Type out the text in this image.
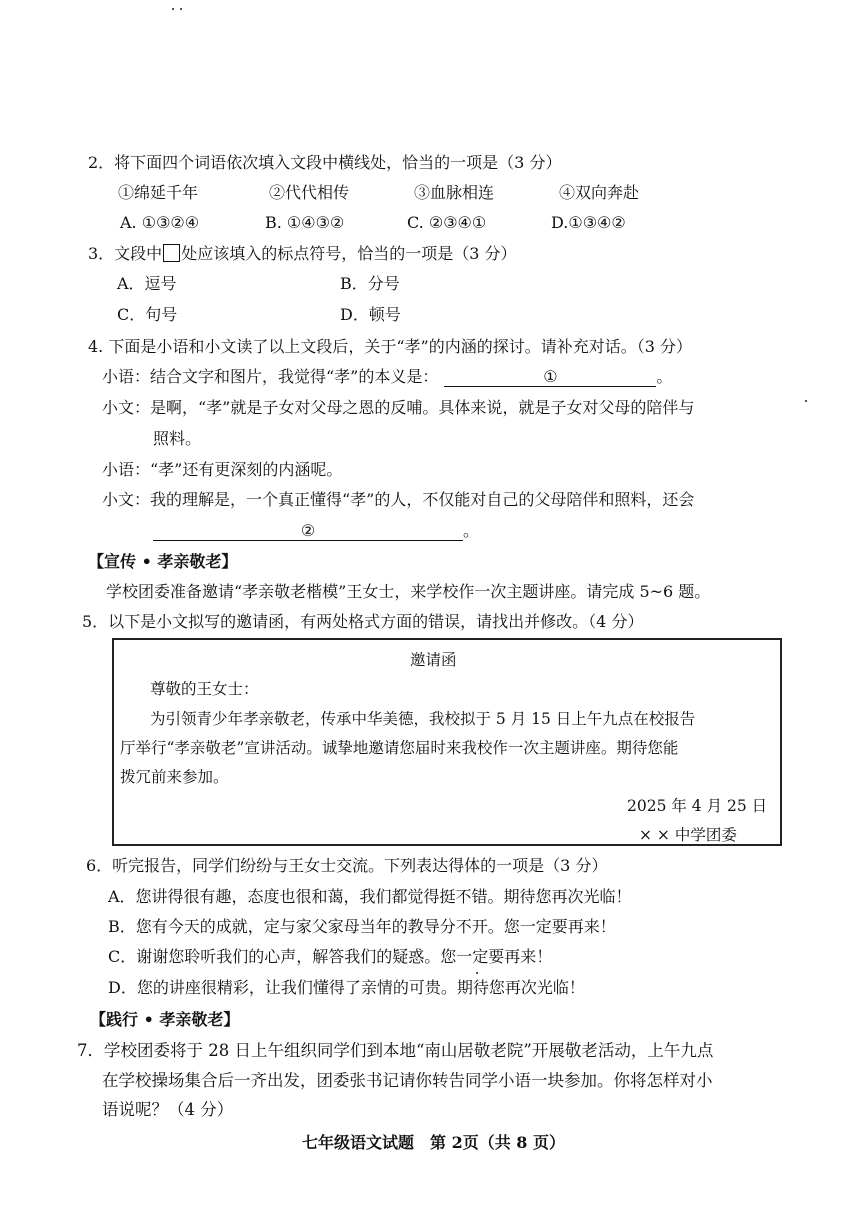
2．将下面四个词语依次填入文段中横线处，恰当的一项是（3 分）
①绵延千年	②代代相传	③血脉相连	④双向奔赴
A. ①③②④	B. ①④③②	C. ②③④①	D.①③④②
3．文段中 处应该填入的标点符号，恰当的一项是（3 分）
A．逗号	B．分号
C．句号	D．顿号
4. 下面是小语和小文读了以上文段后，关于“孝”的内涵的探讨。请补充对话。（3 分）
小语：结合文字和图片，我觉得“孝”的本义是：	①	。
小文：是啊，“孝”就是子女对父母之恩的反哺。具体来说，就是子女对父母的陪伴与
照料。
小语：“孝”还有更深刻的内涵呢。
小文：我的理解是，一个真正懂得“孝”的人，不仅能对自己的父母陪伴和照料，还会
②	。
【宣传 • 孝亲敬老】
学校团委准备邀请“孝亲敬老楷模”王女士，来学校作一次主题讲座。请完成 5~6 题。
5．以下是小文拟写的邀请函，有两处格式方面的错误，请找出并修改。（4 分）
邀请函
尊敬的王女士：
为引领青少年孝亲敬老，传承中华美德，我校拟于 5 月 15 日上午九点在校报告
厅举行“孝亲敬老”宣讲活动。诚挚地邀请您届时来我校作一次主题讲座。期待您能
拨冗前来参加。
2025 年 4 月 25 日
× × 中学团委
6．听完报告，同学们纷纷与王女士交流。下列表达得体的一项是（3 分）
A．您讲得很有趣，态度也很和蔼，我们都觉得挺不错。期待您再次光临！
B．您有今天的成就，定与家父家母当年的教导分不开。您一定要再来！
C．谢谢您聆听我们的心声，解答我们的疑惑。您一定要再来！
D．您的讲座很精彩，让我们懂得了亲情的可贵。期待您再次光临！
【践行 • 孝亲敬老】
7．学校团委将于 28 日上午组织同学们到本地“南山居敬老院”开展敬老活动，上午九点
在学校操场集合后一齐出发，团委张书记请你转告同学小语一块参加。你将怎样对小
语说呢？（4 分）
七年级语文试题　第 2页（共 8 页）
